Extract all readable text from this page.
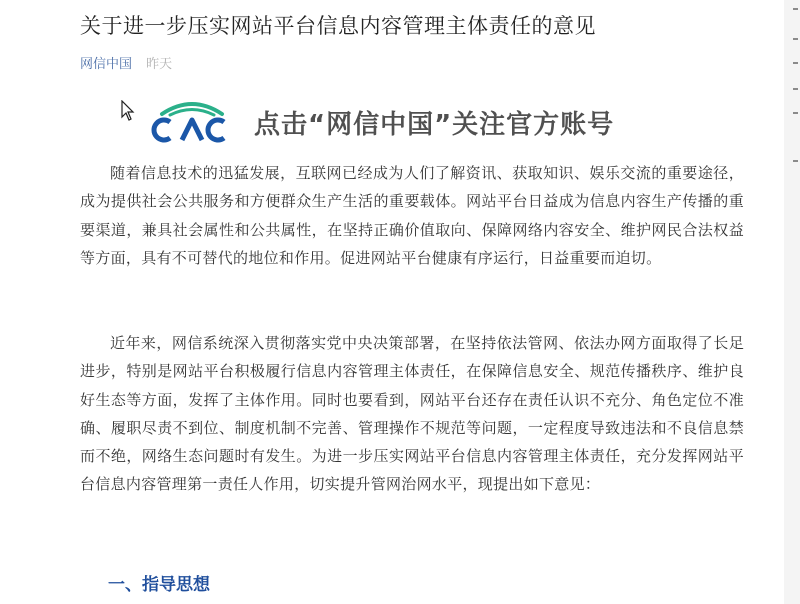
关于进一步压实网站平台信息内容管理主体责任的意见
网信中国 昨天
点击“网信中国”关注官方账号

随着信息技术的迅猛发展，互联网已经成为人们了解资讯、获取知识、娱乐交流的重要途径，成为提供社会公共服务和方便群众生产生活的重要载体。网站平台日益成为信息内容生产传播的重要渠道，兼具社会属性和公共属性，在坚持正确价值取向、保障网络内容安全、维护网民合法权益等方面，具有不可替代的地位和作用。促进网站平台健康有序运行，日益重要而迫切。

近年来，网信系统深入贯彻落实党中央决策部署，在坚持依法管网、依法办网方面取得了长足进步，特别是网站平台积极履行信息内容管理主体责任，在保障信息安全、规范传播秩序、维护良好生态等方面，发挥了主体作用。同时也要看到，网站平台还存在责任认识不充分、角色定位不准确、履职尽责不到位、制度机制不完善、管理操作不规范等问题，一定程度导致违法和不良信息禁而不绝，网络生态问题时有发生。为进一步压实网站平台信息内容管理主体责任，充分发挥网站平台信息内容管理第一责任人作用，切实提升管网治网水平，现提出如下意见：

一、指导思想
